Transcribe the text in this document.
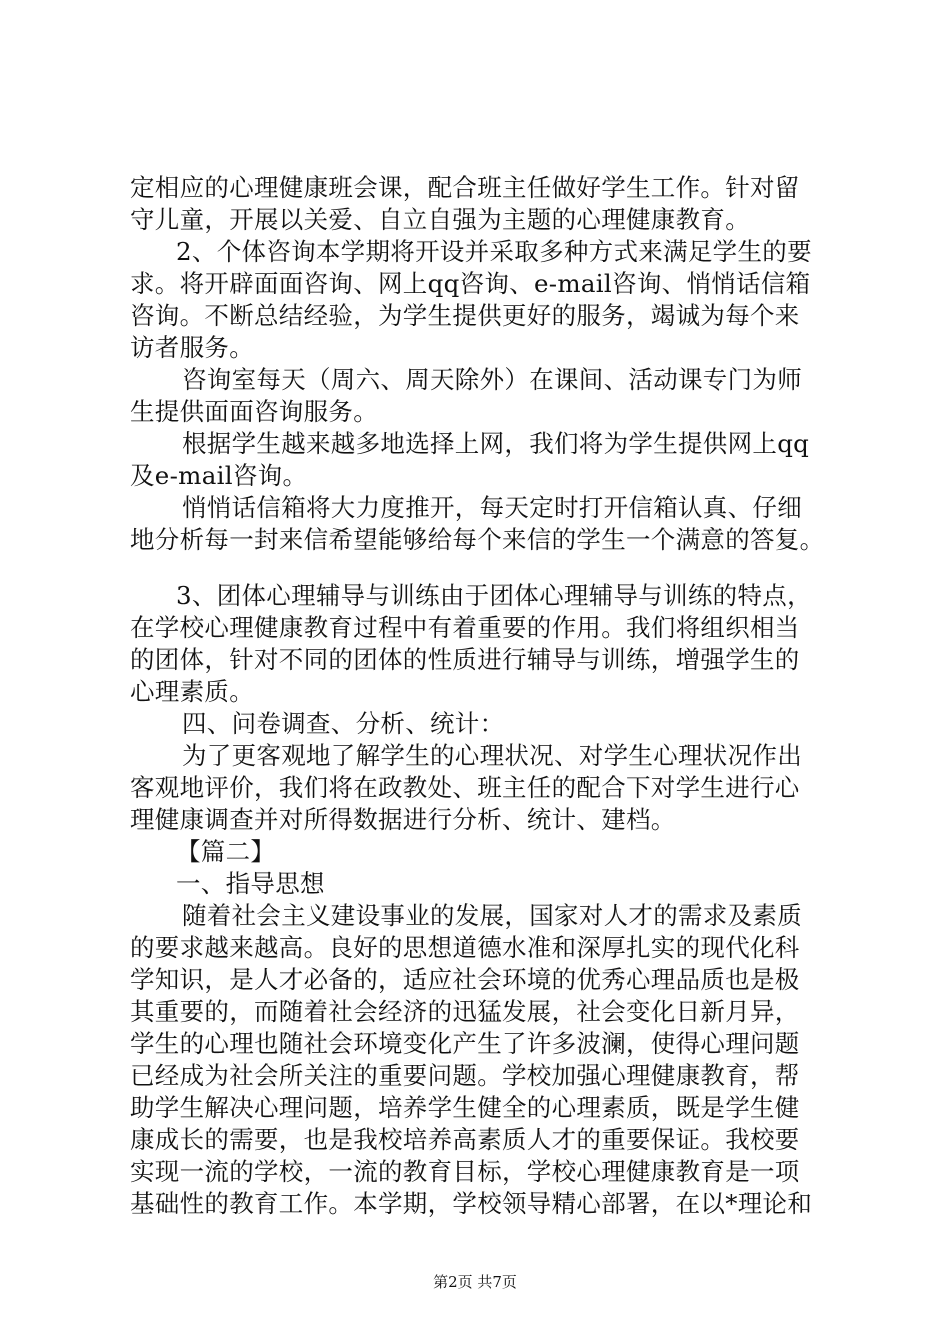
定相应的心理健康班会课，配合班主任做好学生工作。针对留
守儿童，开展以关爱、自立自强为主题的心理健康教育。
2、个体咨询本学期将开设并采取多种方式来满足学生的要
求。将开辟面面咨询、网上qq咨询、e-mail咨询、悄悄话信箱
咨询。不断总结经验，为学生提供更好的服务，竭诚为每个来
访者服务。
咨询室每天（周六、周天除外）在课间、活动课专门为师
生提供面面咨询服务。
根据学生越来越多地选择上网，我们将为学生提供网上qq
及e-mail咨询。
悄悄话信箱将大力度推开，每天定时打开信箱认真、仔细
地分析每一封来信希望能够给每个来信的学生一个满意的答复。
3、团体心理辅导与训练由于团体心理辅导与训练的特点，
在学校心理健康教育过程中有着重要的作用。我们将组织相当
的团体，针对不同的团体的性质进行辅导与训练，增强学生的
心理素质。
四、问卷调查、分析、统计：
为了更客观地了解学生的心理状况、对学生心理状况作出
客观地评价，我们将在政教处、班主任的配合下对学生进行心
理健康调查并对所得数据进行分析、统计、建档。
【篇二】
一、指导思想
随着社会主义建设事业的发展，国家对人才的需求及素质
的要求越来越高。良好的思想道德水准和深厚扎实的现代化科
学知识，是人才必备的，适应社会环境的优秀心理品质也是极
其重要的，而随着社会经济的迅猛发展，社会变化日新月异，
学生的心理也随社会环境变化产生了许多波澜，使得心理问题
已经成为社会所关注的重要问题。学校加强心理健康教育，帮
助学生解决心理问题，培养学生健全的心理素质，既是学生健
康成长的需要，也是我校培养高素质人才的重要保证。我校要
实现一流的学校，一流的教育目标，学校心理健康教育是一项
基础性的教育工作。本学期，学校领导精心部署，在以*理论和
第2页 共7页
